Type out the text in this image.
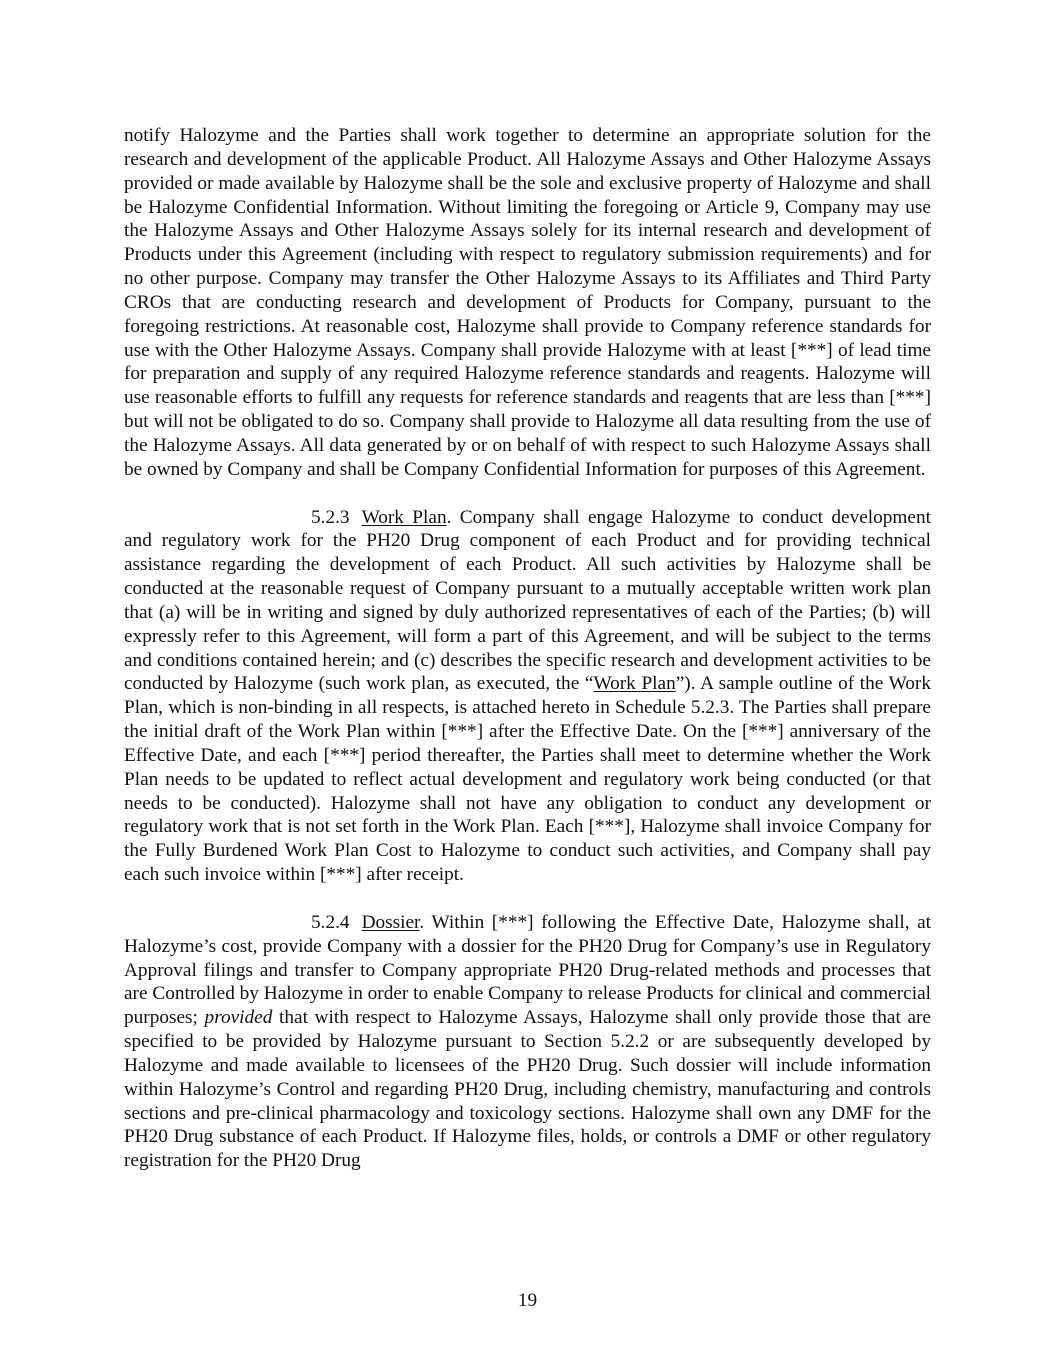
notify Halozyme and the Parties shall work together to determine an appropriate solution for the research and development of the applicable Product. All Halozyme Assays and Other Halozyme Assays provided or made available by Halozyme shall be the sole and exclusive property of Halozyme and shall be Halozyme Confidential Information. Without limiting the foregoing or Article 9, Company may use the Halozyme Assays and Other Halozyme Assays solely for its internal research and development of Products under this Agreement (including with respect to regulatory submission requirements) and for no other purpose. Company may transfer the Other Halozyme Assays to its Affiliates and Third Party CROs that are conducting research and development of Products for Company, pursuant to the foregoing restrictions. At reasonable cost, Halozyme shall provide to Company reference standards for use with the Other Halozyme Assays. Company shall provide Halozyme with at least [***] of lead time for preparation and supply of any required Halozyme reference standards and reagents. Halozyme will use reasonable efforts to fulfill any requests for reference standards and reagents that are less than [***] but will not be obligated to do so. Company shall provide to Halozyme all data resulting from the use of the Halozyme Assays. All data generated by or on behalf of with respect to such Halozyme Assays shall be owned by Company and shall be Company Confidential Information for purposes of this Agreement.

5.2.3 Work Plan. Company shall engage Halozyme to conduct development and regulatory work for the PH20 Drug component of each Product and for providing technical assistance regarding the development of each Product. All such activities by Halozyme shall be conducted at the reasonable request of Company pursuant to a mutually acceptable written work plan that (a) will be in writing and signed by duly authorized representatives of each of the Parties; (b) will expressly refer to this Agreement, will form a part of this Agreement, and will be subject to the terms and conditions contained herein; and (c) describes the specific research and development activities to be conducted by Halozyme (such work plan, as executed, the “Work Plan”). A sample outline of the Work Plan, which is non-binding in all respects, is attached hereto in Schedule 5.2.3. The Parties shall prepare the initial draft of the Work Plan within [***] after the Effective Date. On the [***] anniversary of the Effective Date, and each [***] period thereafter, the Parties shall meet to determine whether the Work Plan needs to be updated to reflect actual development and regulatory work being conducted (or that needs to be conducted). Halozyme shall not have any obligation to conduct any development or regulatory work that is not set forth in the Work Plan. Each [***], Halozyme shall invoice Company for the Fully Burdened Work Plan Cost to Halozyme to conduct such activities, and Company shall pay each such invoice within [***] after receipt.

5.2.4 Dossier. Within [***] following the Effective Date, Halozyme shall, at Halozyme’s cost, provide Company with a dossier for the PH20 Drug for Company’s use in Regulatory Approval filings and transfer to Company appropriate PH20 Drug-related methods and processes that are Controlled by Halozyme in order to enable Company to release Products for clinical and commercial purposes; provided that with respect to Halozyme Assays, Halozyme shall only provide those that are specified to be provided by Halozyme pursuant to Section 5.2.2 or are subsequently developed by Halozyme and made available to licensees of the PH20 Drug. Such dossier will include information within Halozyme’s Control and regarding PH20 Drug, including chemistry, manufacturing and controls sections and pre-clinical pharmacology and toxicology sections. Halozyme shall own any DMF for the PH20 Drug substance of each Product. If Halozyme files, holds, or controls a DMF or other regulatory registration for the PH20 Drug

19
